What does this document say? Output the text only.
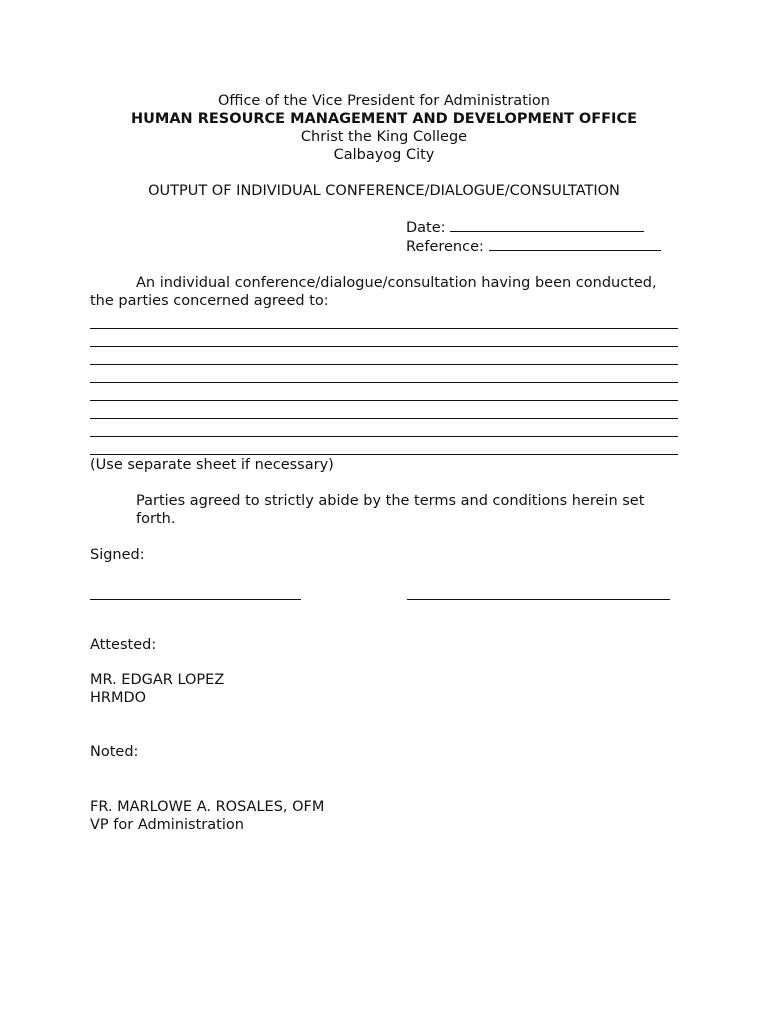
Office of the Vice President for Administration
HUMAN RESOURCE MANAGEMENT AND DEVELOPMENT OFFICE
Christ the King College
Calbayog City
OUTPUT OF INDIVIDUAL CONFERENCE/DIALOGUE/CONSULTATION
Date:
Reference:
An individual conference/dialogue/consultation having been conducted,
the parties concerned agreed to:
(Use separate sheet if necessary)
Parties agreed to strictly abide by the terms and conditions herein set
forth.
Signed:
Attested:
MR. EDGAR LOPEZ
HRMDO
Noted:
FR. MARLOWE A. ROSALES, OFM
VP for Administration
